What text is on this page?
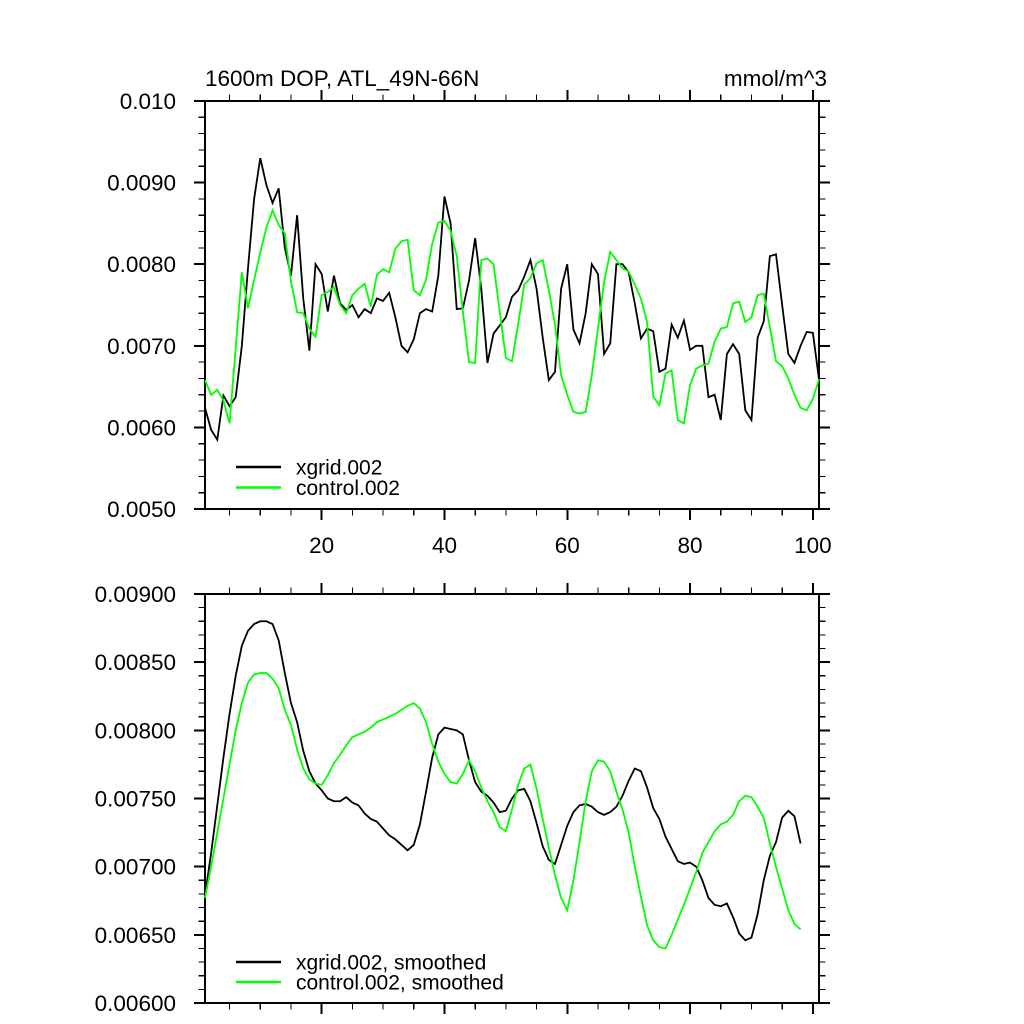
20	40	60	80	100
0.0050
0.0060
0.0070
0.0080
0.0090
0.010
1600m DOP, ATL_49N-66N	mmol/m^3
xgrid.002
control.002
0.00600
0.00650
0.00700
0.00750
0.00800
0.00850
0.00900
xgrid.002, smoothed
control.002, smoothed
